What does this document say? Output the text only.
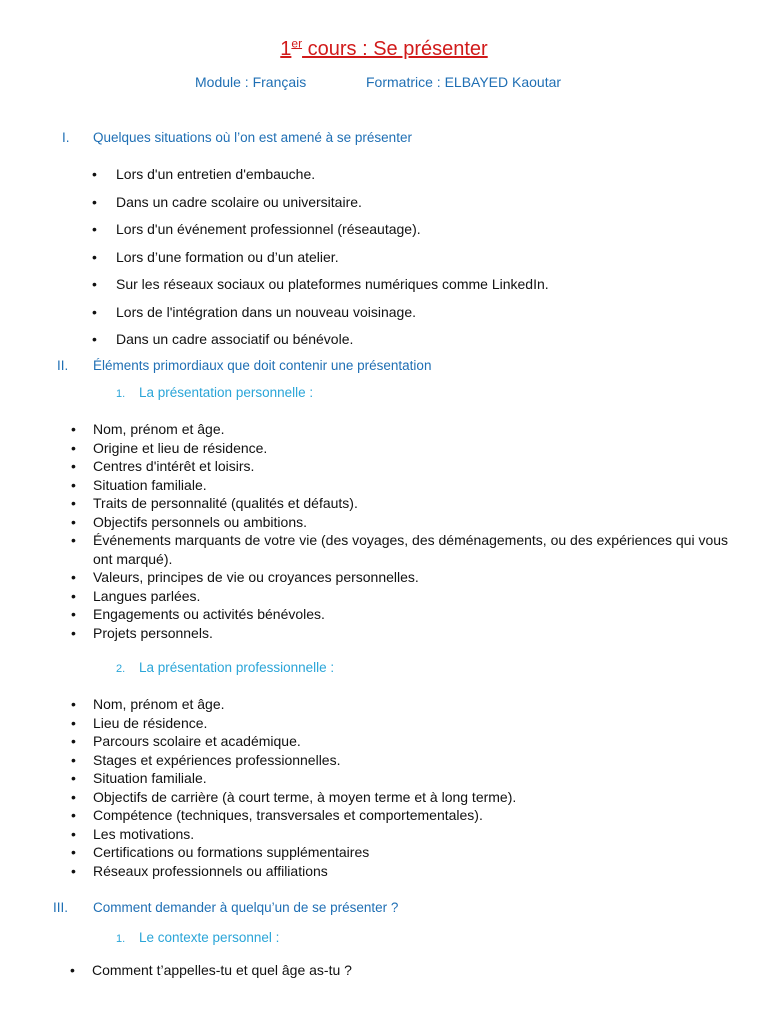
1er cours : Se présenter
Module : Français	Formatrice : ELBAYED Kaoutar
I. Quelques situations où l’on est amené à se présenter
• Lors d'un entretien d'embauche.
• Dans un cadre scolaire ou universitaire.
• Lors d'un événement professionnel (réseautage).
• Lors d’une formation ou d’un atelier.
• Sur les réseaux sociaux ou plateformes numériques comme LinkedIn.
• Lors de l'intégration dans un nouveau voisinage.
• Dans un cadre associatif ou bénévole.
II. Éléments primordiaux que doit contenir une présentation
1. La présentation personnelle :
• Nom, prénom et âge.
• Origine et lieu de résidence.
• Centres d'intérêt et loisirs.
• Situation familiale.
• Traits de personnalité (qualités et défauts).
• Objectifs personnels ou ambitions.
• Événements marquants de votre vie (des voyages, des déménagements, ou des expériences qui vous ont marqué).
• Valeurs, principes de vie ou croyances personnelles.
• Langues parlées.
• Engagements ou activités bénévoles.
• Projets personnels.
2. La présentation professionnelle :
• Nom, prénom et âge.
• Lieu de résidence.
• Parcours scolaire et académique.
• Stages et expériences professionnelles.
• Situation familiale.
• Objectifs de carrière (à court terme, à moyen terme et à long terme).
• Compétence (techniques, transversales et comportementales).
• Les motivations.
• Certifications ou formations supplémentaires
• Réseaux professionnels ou affiliations
III. Comment demander à quelqu’un de se présenter ?
1. Le contexte personnel :
• Comment t’appelles-tu et quel âge as-tu ?
